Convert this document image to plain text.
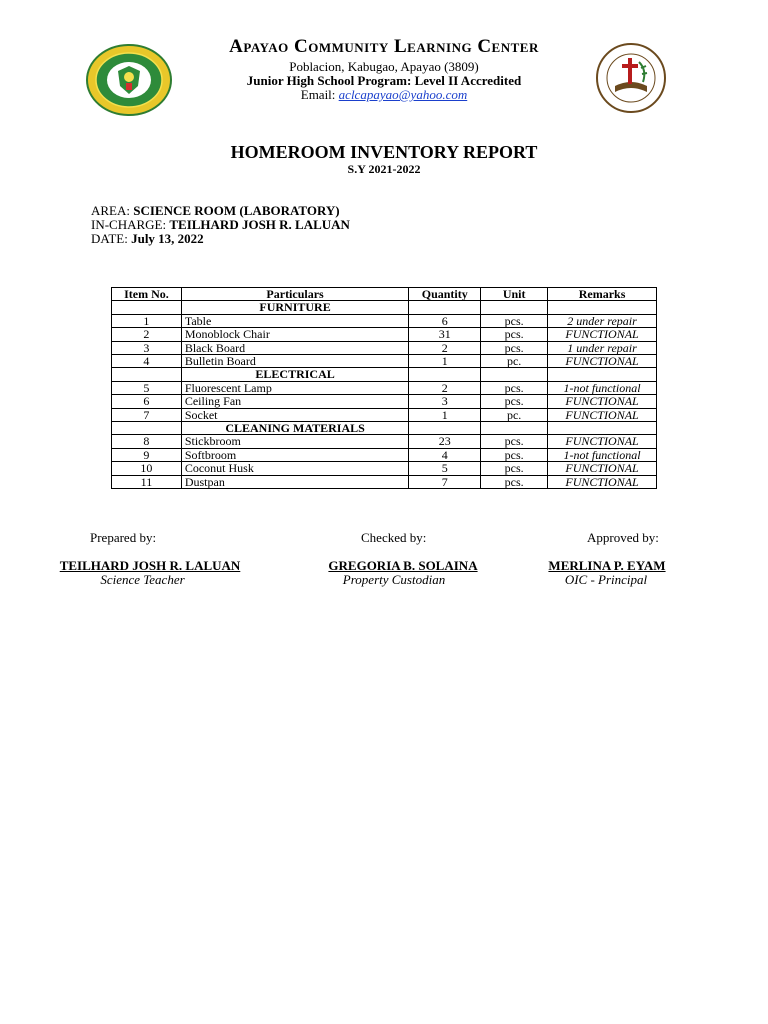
Apayao Community Learning Center
Poblacion, Kabugao, Apayao (3809)
Junior High School Program: Level II Accredited
Email: aclcapayao@yahoo.com
HOMEROOM INVENTORY REPORT
S.Y 2021-2022
AREA: SCIENCE ROOM (LABORATORY)
IN-CHARGE: TEILHARD JOSH R. LALUAN
DATE: July 13, 2022
Item No.	Particulars	Quantity	Unit	Remarks
	FURNITURE			
1	Table	6	pcs.	2 under repair
2	Monoblock Chair	31	pcs.	FUNCTIONAL
3	Black Board	2	pcs.	1 under repair
4	Bulletin Board	1	pc.	FUNCTIONAL
	ELECTRICAL			
5	Fluorescent Lamp	2	pcs.	1-not functional
6	Ceiling Fan	3	pcs.	FUNCTIONAL
7	Socket	1	pc.	FUNCTIONAL
	CLEANING MATERIALS			
8	Stickbroom	23	pcs.	FUNCTIONAL
9	Softbroom	4	pcs.	1-not functional
10	Coconut Husk	5	pcs.	FUNCTIONAL
11	Dustpan	7	pcs.	FUNCTIONAL
Prepared by:	Checked by:	Approved by:
TEILHARD JOSH R. LALUAN	GREGORIA B. SOLAINA	MERLINA P. EYAM
Science Teacher	Property Custodian	OIC - Principal
